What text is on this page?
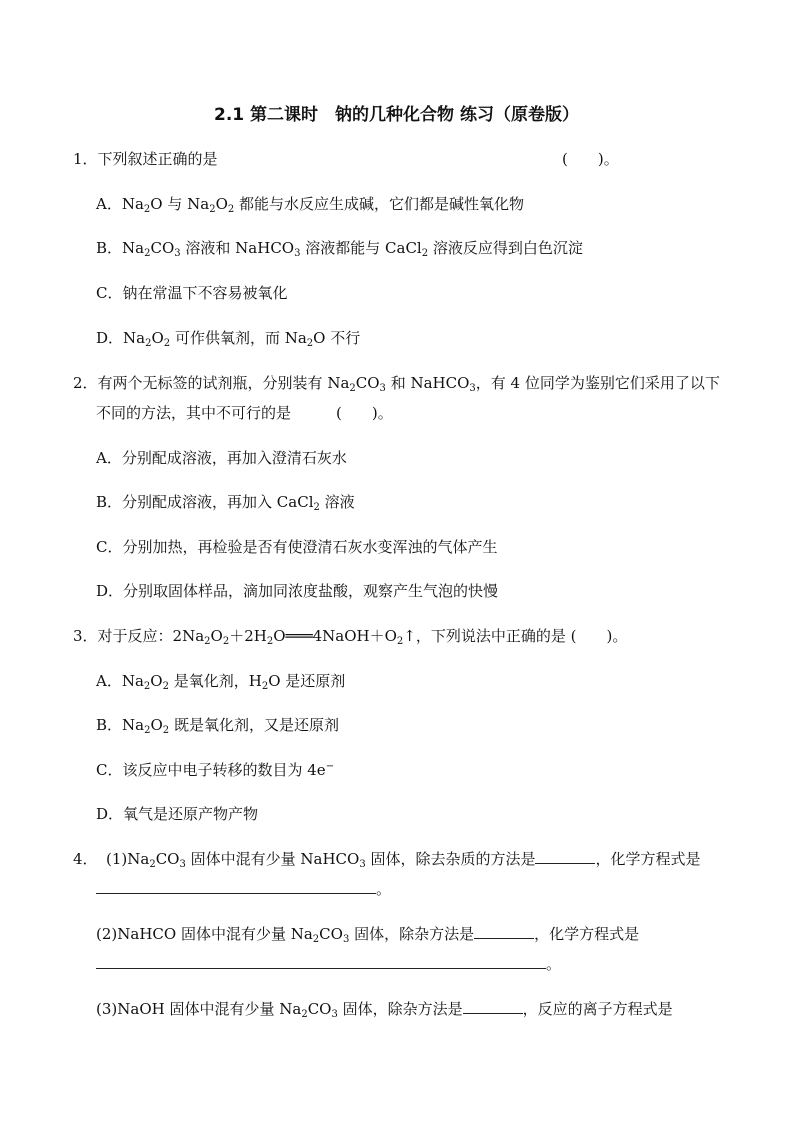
2.1 第二课时　钠的几种化合物 练习（原卷版）
1．下列叙述正确的是	(　　)。
A．$Na_2O$ 与 $Na_2O_2$ 都能与水反应生成碱，它们都是碱性氧化物
B．$Na_2CO_3$ 溶液和 NaHCO$_3$ 溶液都能与 CaCl$_2$ 溶液反应得到白色沉淀
C．钠在常温下不容易被氧化
D．$Na_2O_2$ 可作供氧剂，而 $Na_2O$ 不行
2．有两个无标签的试剂瓶，分别装有 $Na_2CO_3$ 和 NaHCO$_3$，有 4 位同学为鉴别它们采用了以下
不同的方法，其中不可行的是　　　(　　)。
A．分别配成溶液，再加入澄清石灰水
B．分别配成溶液，再加入 CaCl$_2$ 溶液
C．分别加热，再检验是否有使澄清石灰水变浑浊的气体产生
D．分别取固体样品，滴加同浓度盐酸，观察产生气泡的快慢
3．对于反应：$2Na_2O_2+2H_2O═══4NaOH+O_2↑$，下列说法中正确的是 (　　)。
A．$Na_2O_2$ 是氧化剂，$H_2O$ 是还原剂
B．$Na_2O_2$ 既是氧化剂，又是还原剂
C．该反应中电子转移的数目为 4e−
D．氧气是还原产物产物
4． $(1)Na_2CO_3$ 固体中混有少量 NaHCO$_3$ 固体，除去杂质的方法是	，化学方程式是
。
(2)NaHCO 固体中混有少量 $Na_2CO_3$ 固体，除杂方法是	，化学方程式是
。
(3)NaOH 固体中混有少量 $Na_2CO_3$ 固体，除杂方法是	，反应的离子方程式是
